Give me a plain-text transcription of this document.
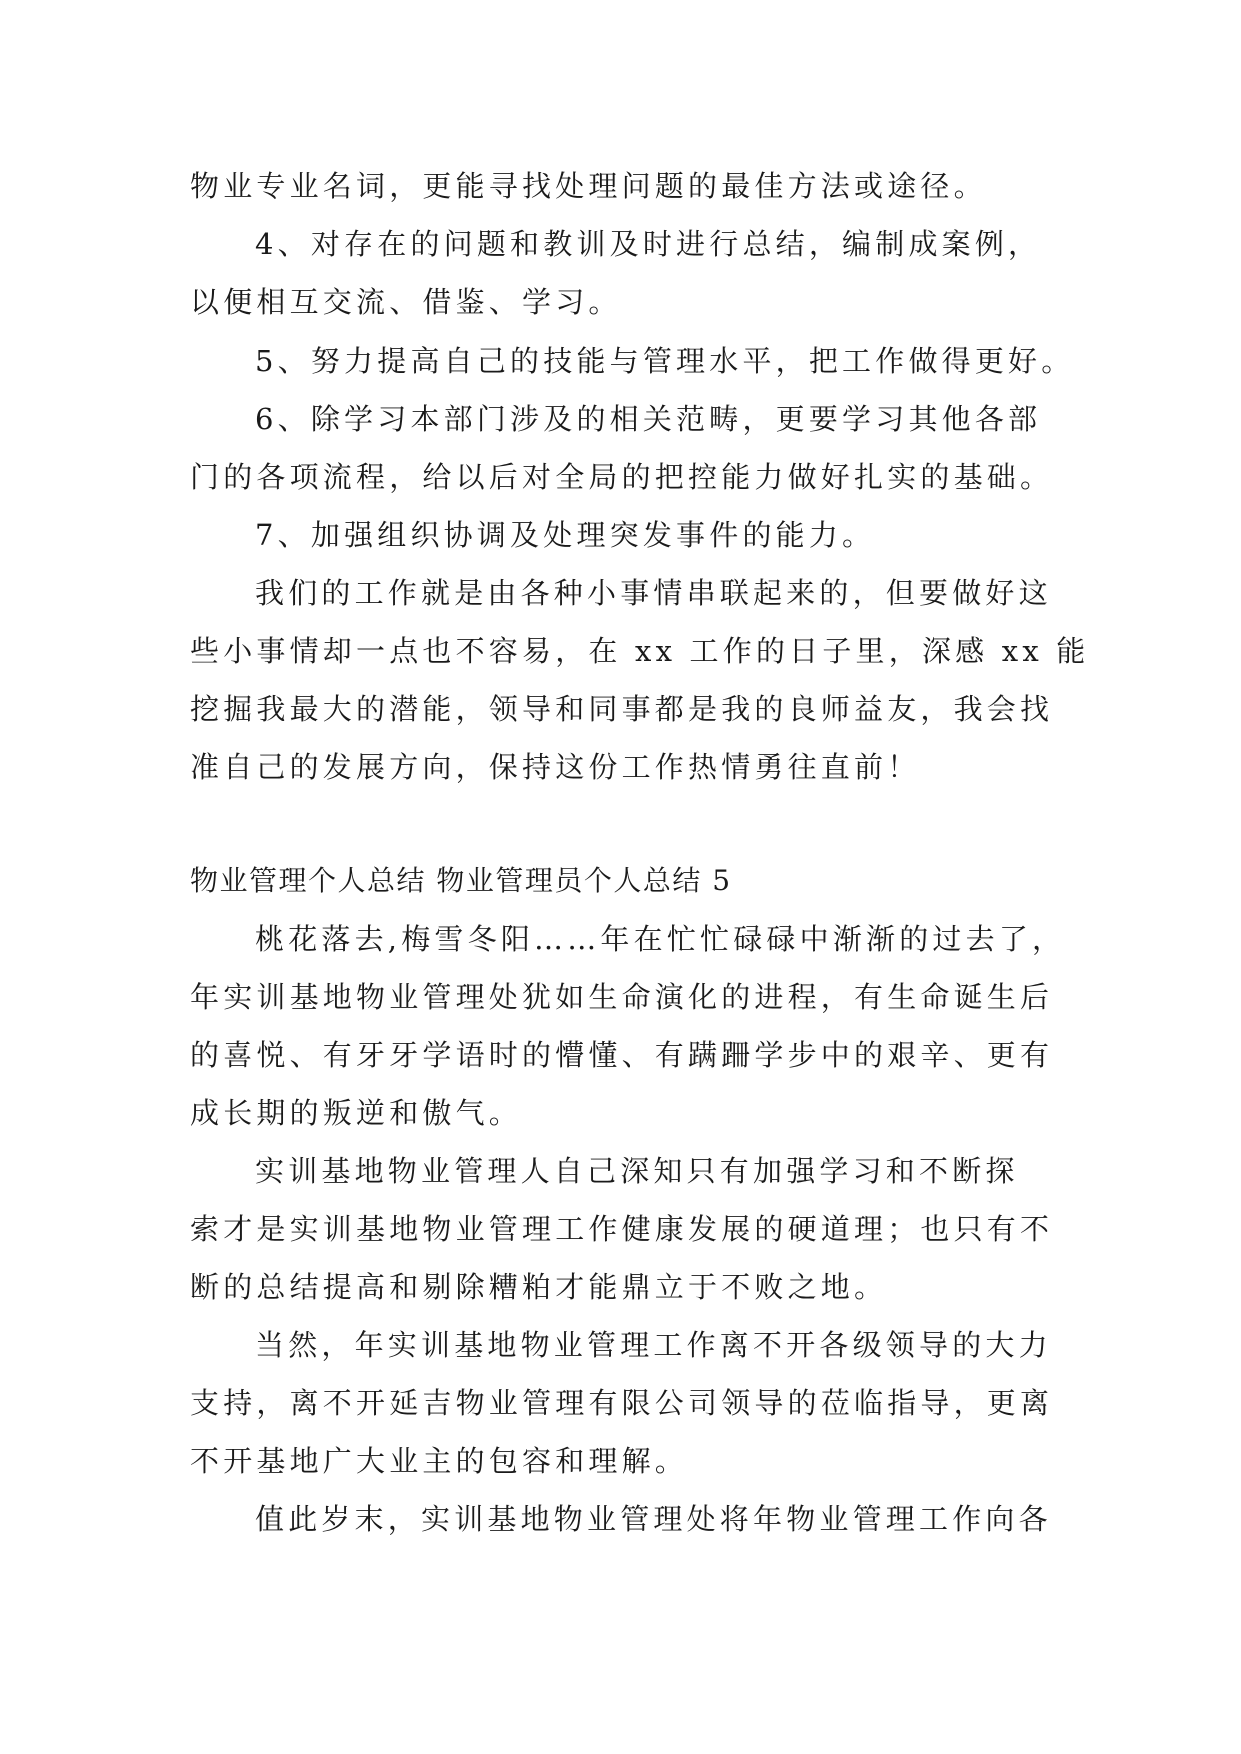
物业专业名词，更能寻找处理问题的最佳方法或途径。
4、对存在的问题和教训及时进行总结，编制成案例，
以便相互交流、借鉴、学习。
5、努力提高自己的技能与管理水平，把工作做得更好。
6、除学习本部门涉及的相关范畴，更要学习其他各部
门的各项流程，给以后对全局的把控能力做好扎实的基础。
7、加强组织协调及处理突发事件的能力。
我们的工作就是由各种小事情串联起来的，但要做好这
些小事情却一点也不容易，在 xx 工作的日子里，深感 xx 能
挖掘我最大的潜能，领导和同事都是我的良师益友，我会找
准自己的发展方向，保持这份工作热情勇往直前！
物业管理个人总结 物业管理员个人总结 5
桃花落去,梅雪冬阳……年在忙忙碌碌中渐渐的过去了，
年实训基地物业管理处犹如生命演化的进程，有生命诞生后
的喜悦、有牙牙学语时的懵懂、有蹒跚学步中的艰辛、更有
成长期的叛逆和傲气。
实训基地物业管理人自己深知只有加强学习和不断探
索才是实训基地物业管理工作健康发展的硬道理；也只有不
断的总结提高和剔除糟粕才能鼎立于不败之地。
当然，年实训基地物业管理工作离不开各级领导的大力
支持，离不开延吉物业管理有限公司领导的莅临指导，更离
不开基地广大业主的包容和理解。
值此岁末，实训基地物业管理处将年物业管理工作向各
